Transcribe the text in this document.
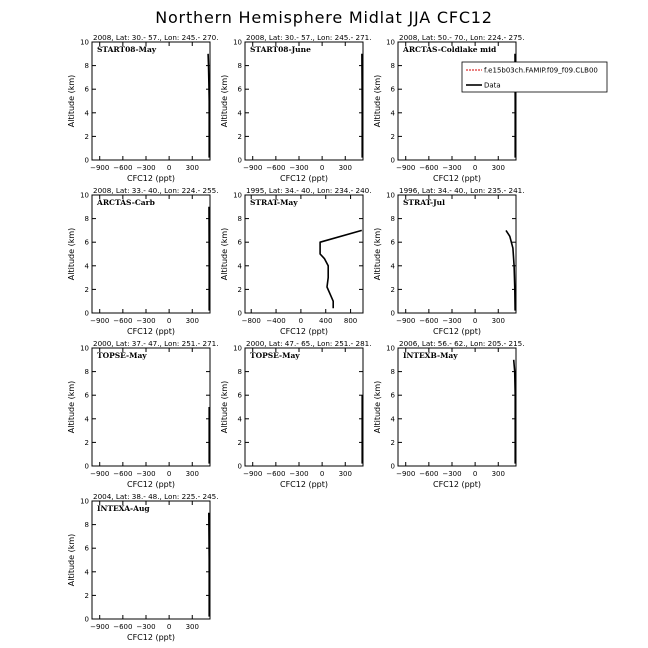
Northern Hemisphere Midlat JJA CFC12
2008, Lat: 30.- 57., Lon: 245.- 270.
START08-May
−900 −600 −300 0 300
0
2
4
6
8
10
CFC12 (ppt)
Altitude (km)
2008, Lat: 30.- 57., Lon: 245.- 271.
START08-June
−900 −600 −300 0 300
0
2
4
6
8
10
CFC12 (ppt)
Altitude (km)
2008, Lat: 50.- 70., Lon: 224.- 275.
ARCTAS-Coldlake mid
−900 −600 −300 0 300
0
2
4
6
8
10
CFC12 (ppt)
Altitude (km)
2008, Lat: 33.- 40., Lon: 224.- 255.
ARCTAS-Carb
−900 −600 −300 0 300
0
2
4
6
8
10
CFC12 (ppt)
Altitude (km)
1995, Lat: 34.- 40., Lon: 234.- 240.
STRAT-May
−800 −400 0 400 800
0
2
4
6
8
10
CFC12 (ppt)
Altitude (km)
1996, Lat: 34.- 40., Lon: 235.- 241.
STRAT-Jul
−900 −600 −300 0 300
0
2
4
6
8
10
CFC12 (ppt)
Altitude (km)
2000, Lat: 37.- 47., Lon: 251.- 271.
TOPSE-May
−900 −600 −300 0 300
0
2
4
6
8
10
CFC12 (ppt)
Altitude (km)
2000, Lat: 47.- 65., Lon: 251.- 281.
TOPSE-May
−900 −600 −300 0 300
0
2
4
6
8
10
CFC12 (ppt)
Altitude (km)
2006, Lat: 56.- 62., Lon: 205.- 215.
INTEXB-May
−900 −600 −300 0 300
0
2
4
6
8
10
CFC12 (ppt)
Altitude (km)
2004, Lat: 38.- 48., Lon: 225.- 245.
INTEXA-Aug
−900 −600 −300 0 300
0
2
4
6
8
10
CFC12 (ppt)
Altitude (km)
f.e15b03ch.FAMIP.f09_f09.CLB00
Data
